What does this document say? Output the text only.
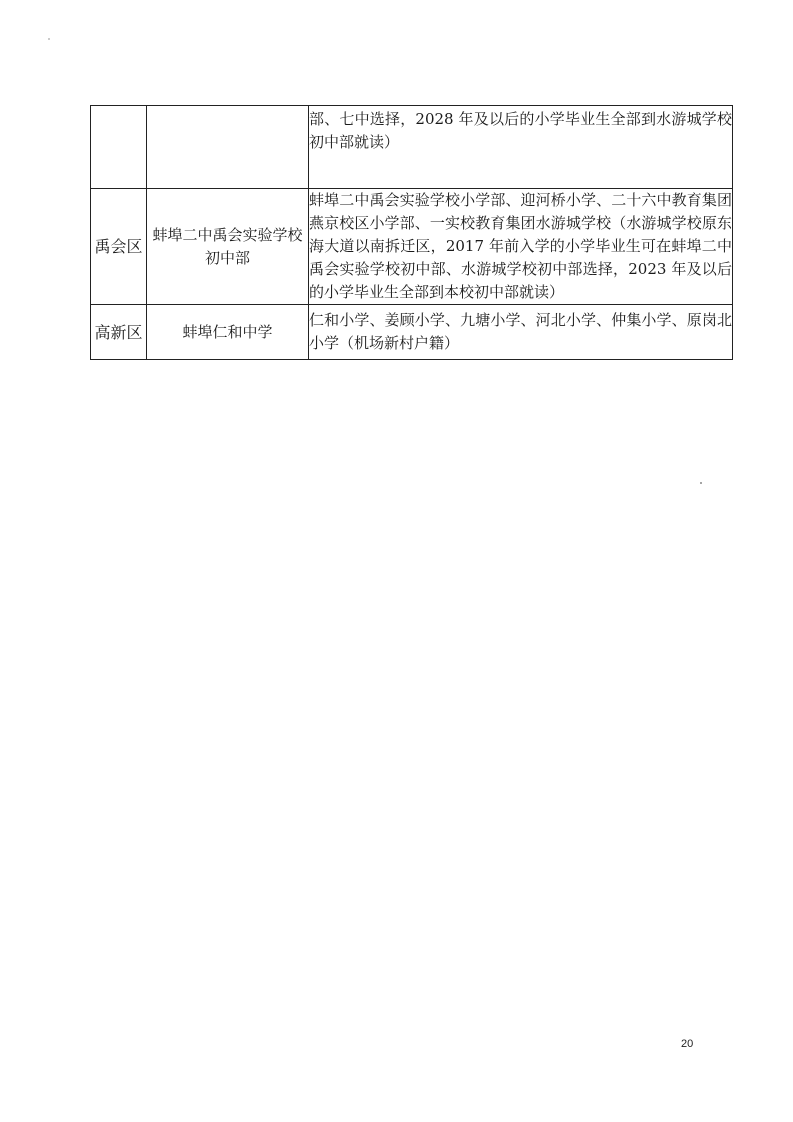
		部、七中选择，2028 年及以后的小学毕业生全部到水游城学校初中部就读）
禹会区	蚌埠二中禹会实验学校初中部	蚌埠二中禹会实验学校小学部、迎河桥小学、二十六中教育集团燕京校区小学部、一实校教育集团水游城学校（水游城学校原东海大道以南拆迁区，2017 年前入学的小学毕业生可在蚌埠二中禹会实验学校初中部、水游城学校初中部选择，2023 年及以后的小学毕业生全部到本校初中部就读）
高新区	蚌埠仁和中学	仁和小学、姜顾小学、九塘小学、河北小学、仲集小学、原岗北小学（机场新村户籍）
20
